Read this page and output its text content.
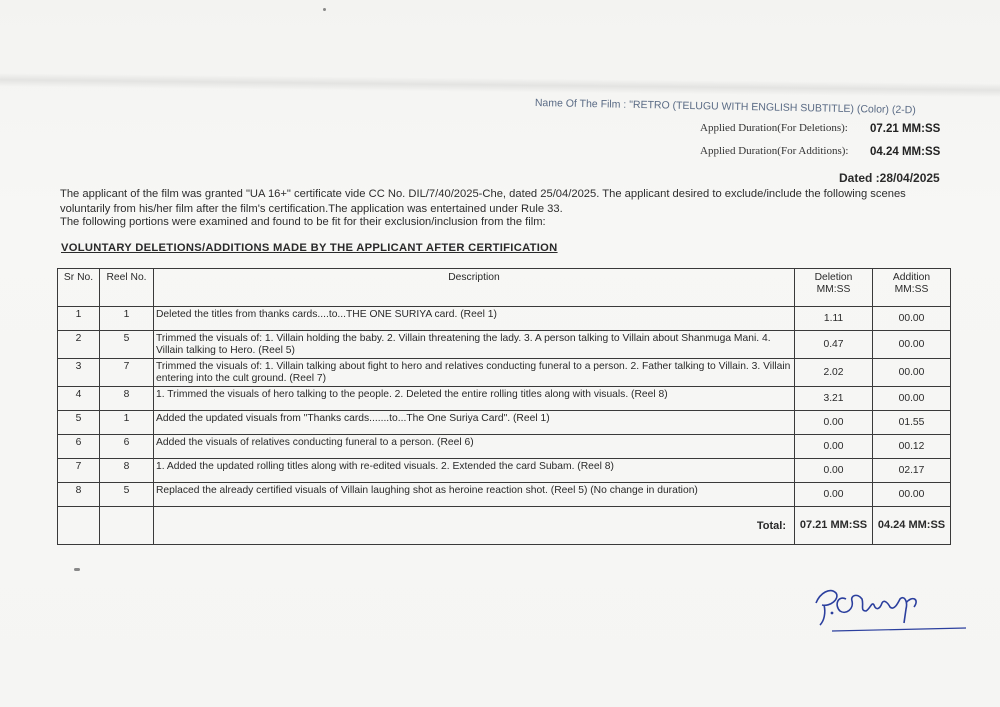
Name Of The Film : "RETRO (TELUGU WITH ENGLISH SUBTITLE) (Color) (2-D)
Applied Duration(For Deletions): 07.21 MM:SS
Applied Duration(For Additions): 04.24 MM:SS
Dated :28/04/2025
The applicant of the film was granted "UA 16+" certificate vide CC No. DIL/7/40/2025-Che, dated 25/04/2025. The applicant desired to exclude/include the following scenes
voluntarily from his/her film after the film's certification.The application was entertained under Rule 33.
The following portions were examined and found to be fit for their exclusion/inclusion from the film:
VOLUNTARY DELETIONS/ADDITIONS MADE BY THE APPLICANT AFTER CERTIFICATION
Sr No.	Reel No.	Description	Deletion MM:SS	Addition MM:SS
1	1	Deleted the titles from thanks cards....to...THE ONE SURIYA card. (Reel 1)	1.11	00.00
2	5	Trimmed the visuals of: 1. Villain holding the baby. 2. Villain threatening the lady. 3. A person talking to Villain about Shanmuga Mani. 4. Villain talking to Hero. (Reel 5)	0.47	00.00
3	7	Trimmed the visuals of: 1. Villain talking about fight to hero and relatives conducting funeral to a person. 2. Father talking to Villain. 3. Villain entering into the cult ground. (Reel 7)	2.02	00.00
4	8	1. Trimmed the visuals of hero talking to the people. 2. Deleted the entire rolling titles along with visuals. (Reel 8)	3.21	00.00
5	1	Added the updated visuals from "Thanks cards.......to...The One Suriya Card". (Reel 1)	0.00	01.55
6	6	Added the visuals of relatives conducting funeral to a person. (Reel 6)	0.00	00.12
7	8	1. Added the updated rolling titles along with re-edited visuals. 2. Extended the card Subam. (Reel 8)	0.00	02.17
8	5	Replaced the already certified visuals of Villain laughing shot as heroine reaction shot. (Reel 5) (No change in duration)	0.00	00.00
		Total:	07.21 MM:SS	04.24 MM:SS
